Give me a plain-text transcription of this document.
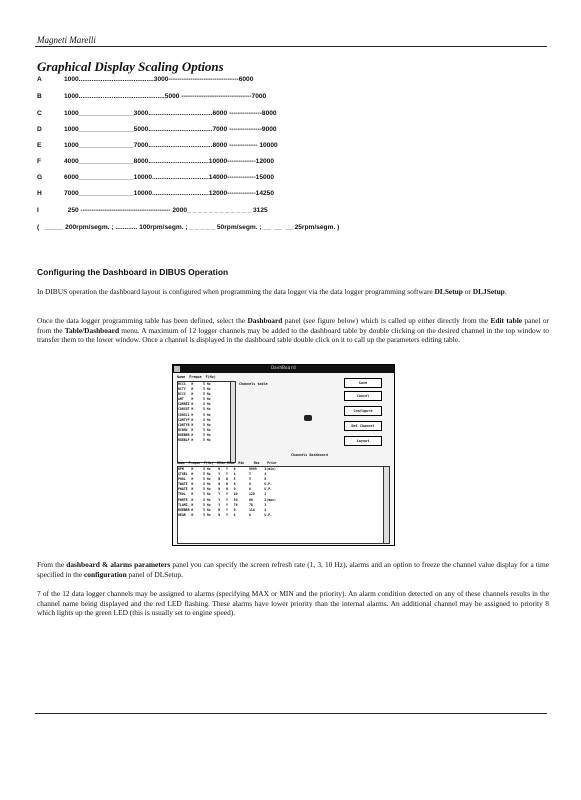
Magneti Marelli
Graphical Display Scaling Options
A	1000.........................................3000--------------------------------6000
B	1000...............................................5000 --------------------------------7000
C	1000_______________3000...................................6000 ---------------8000
D	1000_______________5000...................................7000 ---------------9000
E	1000_______________7000...................................8000 ------------- 10000
F	4000_______________8000.................................10000-------------12000
G	6000_______________10000...............................14000-------------15000
H	7000_______________10000...............................12000-------------14250
I	250 ----------------------------------------- 2000_ _ _ _ _ _ _ _ _ _ _ _ 3125
( _____ 200rpm/segm. ; ............ 100rpm/segm. ; _ _ _ _ _ 50rpm/segm. ; __  __  __ 25rpm/segm. )
Configuring the Dashboard in DIBUS Operation
In DIBUS operation the dashboard layout is configured when programming the data logger via the data logger programming software DLSetup or DLJSetup.
Once the data logger programming table has been defined, select the Dashboard panel (see figure below) which is called up either directly from the Edit table panel or from the Table/Dashboard menu. A maximum of 12 logger channels may be added to the dashboard table by double clicking on the desired channel in the top window to transfer them to the lower window. Once a channel is displayed in the dashboard table double click on it to call up the parameters editing table.
DashBoard
Name  Freque  F(Hz)
MCCS   H     5 Hz
RCTY   H     5 Hz
RCCS   H     5 Hz
AMT    H     5 Hz
CORREI H     5 Hz
CORCNT H     5 Hz
CORSCL H     5 Hz
CORTYP H     5 Hz
CORTYB H     5 Hz
RCBNV  H     5 Hz
RGEBRR H     5 Hz
RGEBLF H     5 Hz
Channels table	Save
Cancel
Configure
Del Channel
Layout
Channels Dashboard
Name  Freque  F(Hz)  RMin RMax  Min     Max    Prior
RPM    H     5 Hz    N   Y   0       9999    1(min)
STGEL  H     5 Hz    Y   Y   4       7       4
PHOL   H     5 Hz    N   N   5       5       0
TWATE  H     5 Hz    N   N   0       0       U.P.
PWATE  H     5 Hz    N   N   0       0       U.P.
TROL   H     5 Hz    Y   Y   40      120     2
PWRTR  H     5 Hz    Y   Y   50      60      1(max)
TLAMZ  H     5 Hz    Y   Y   76      78      3
RGEBRR H     5 Hz    N   Y   0       110     4
GEAR   H     5 Hz    N   Y   0       0       U.P.
From the dashboard & alarms parameters panel you can specify the screen refresh rate (1, 3, 10 Hz), alarms and an option to freeze the channel value display for a time specified in the configuration panel of DLSetup.
7 of the 12 data logger channels may be assigned to alarms (specifying MAX or MIN and the priority). An alarm condition detected on any of these channels results in the channel name being displayed and the red LED flashing. These alarms have lower priority than the internal alarms. An additional channel may be assigned to priority 8 which lights up the green LED (this is usually set to engine speed).
